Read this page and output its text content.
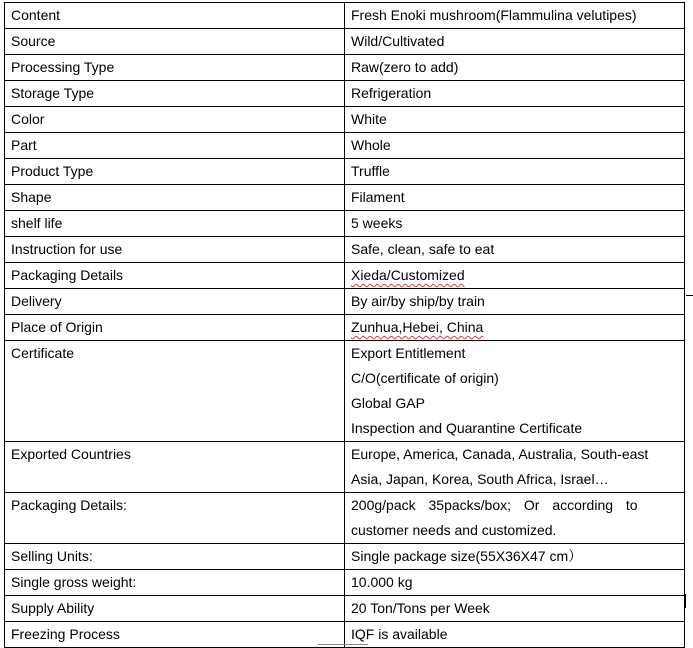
Content	Fresh Enoki mushroom(Flammulina velutipes)
Source	Wild/Cultivated
Processing Type	Raw(zero to add)
Storage Type	Refrigeration
Color	White
Part	Whole
Product Type	Truffle
Shape	Filament
shelf life	5 weeks
Instruction for use	Safe, clean, safe to eat
Packaging Details	Xieda/Customized
Delivery	By air/by ship/by train
Place of Origin	Zunhua,Hebei, China
Certificate	Export Entitlement
C/O(certificate of origin)
Global GAP
Inspection and Quarantine Certificate

Exported Countries	Europe, America, Canada, Australia, South-east
Asia, Japan, Korea, South Africa, Israel…

Packaging Details:	200g/pack 35packs/box; Or according to
customer needs and customized.

Selling Units:	Single package size(55X36X47 cm）
Single gross weight:	10.000 kg
Supply Ability	20 Ton/Tons per Week
Freezing Process	IQF is available
